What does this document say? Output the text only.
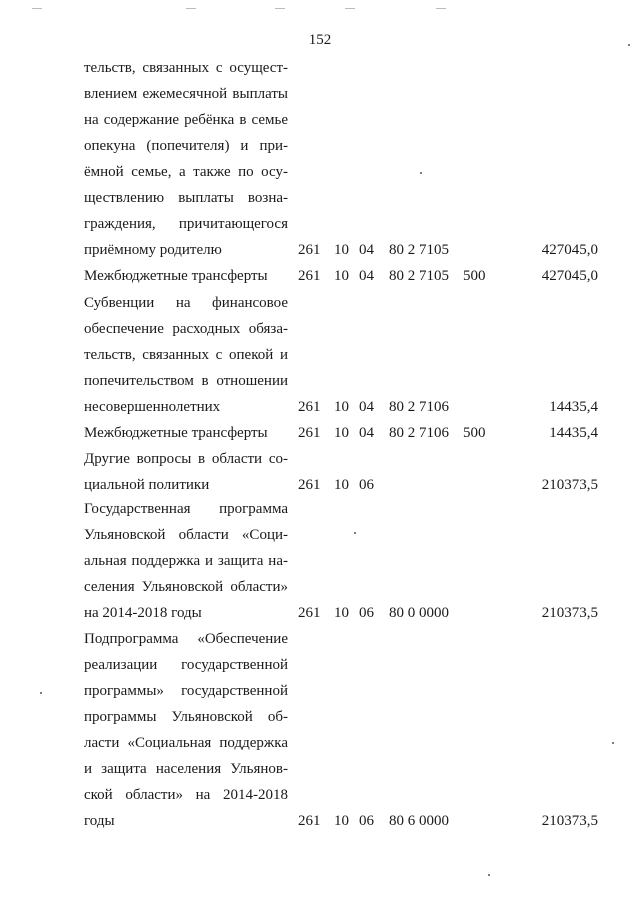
152
тельств, связанных с осущест-
влением ежемесячной выплаты
на содержание ребёнка в семье
опекуна (попечителя) и при-
ёмной семье, а также по осу-
ществлению выплаты возна-
граждения, причитающегося
приёмному родителю	261 10 04 80 2 7105	427045,0
Межбюджетные трансферты	261 10 04 80 2 7105 500	427045,0
Субвенции на финансовое
обеспечение расходных обяза-
тельств, связанных с опекой и
попечительством в отношении
несовершеннолетних	261 10 04 80 2 7106	14435,4
Межбюджетные трансферты	261 10 04 80 2 7106 500	14435,4
Другие вопросы в области со-
циальной политики	261 10 06	210373,5
Государственная программа
Ульяновской области «Соци-
альная поддержка и защита на-
селения Ульяновской области»
на 2014-2018 годы	261 10 06 80 0 0000	210373,5
Подпрограмма «Обеспечение
реализации государственной
программы» государственной
программы Ульяновской об-
ласти «Социальная поддержка
и защита населения Ульянов-
ской области» на 2014-2018
годы	261 10 06 80 6 0000	210373,5
